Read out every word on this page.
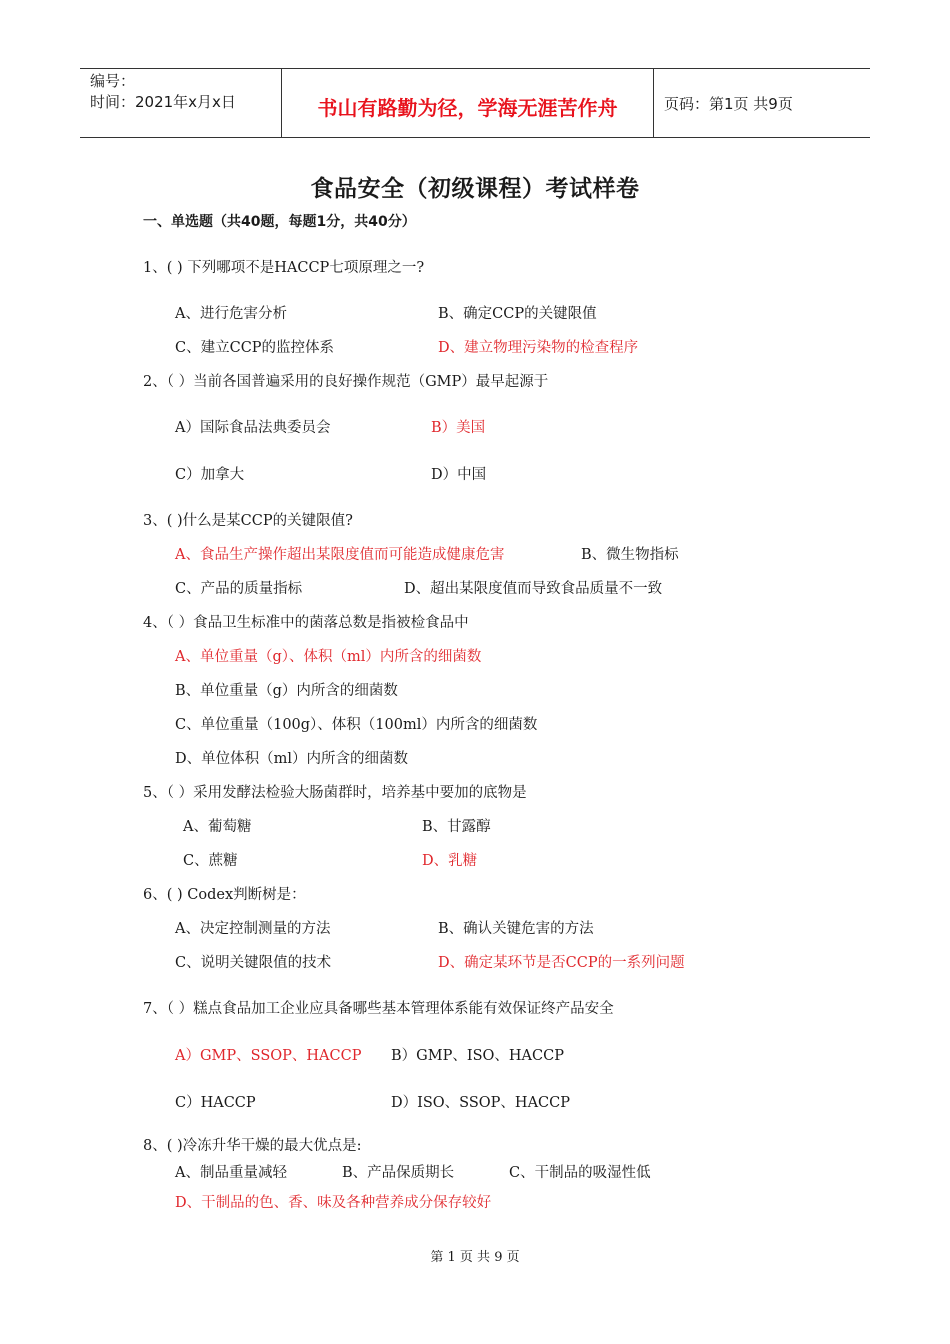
编号：
时间：2021年x月x日	书山有路勤为径，学海无涯苦作舟	页码：第1页 共9页
食品安全（初级课程）考试样卷
一、单选题（共40题，每题1分，共40分）
1、( ) 下列哪项不是HACCP七项原理之一?
A、进行危害分析	B、确定CCP的关键限值
C、建立CCP的监控体系	D、建立物理污染物的检查程序
2、（ ）当前各国普遍采用的良好操作规范（GMP）最早起源于
A）国际食品法典委员会	B）美国
C）加拿大	D）中国
3、( )什么是某CCP的关键限值?
A、食品生产操作超出某限度值而可能造成健康危害	B、微生物指标
C、产品的质量指标	D、超出某限度值而导致食品质量不一致
4、（ ）食品卫生标准中的菌落总数是指被检食品中
A、单位重量（g）、体积（ml）内所含的细菌数
B、单位重量（g）内所含的细菌数
C、单位重量（100g）、体积（100ml）内所含的细菌数
D、单位体积（ml）内所含的细菌数
5、（ ）采用发酵法检验大肠菌群时，培养基中要加的底物是
A、葡萄糖	B、甘露醇
C、蔗糖	D、乳糖
6、( ) Codex判断树是：
A、决定控制测量的方法	B、确认关键危害的方法
C、说明关键限值的技术	D、确定某环节是否CCP的一系列问题
7、（ ）糕点食品加工企业应具备哪些基本管理体系能有效保证终产品安全
A）GMP、SSOP、HACCP B）GMP、ISO、HACCP
C）HACCP	D）ISO、SSOP、HACCP
8、( )冷冻升华干燥的最大优点是:
A、制品重量减轻	B、产品保质期长	C、干制品的吸湿性低
D、干制品的色、香、味及各种营养成分保存较好
第 1 页 共 9 页
